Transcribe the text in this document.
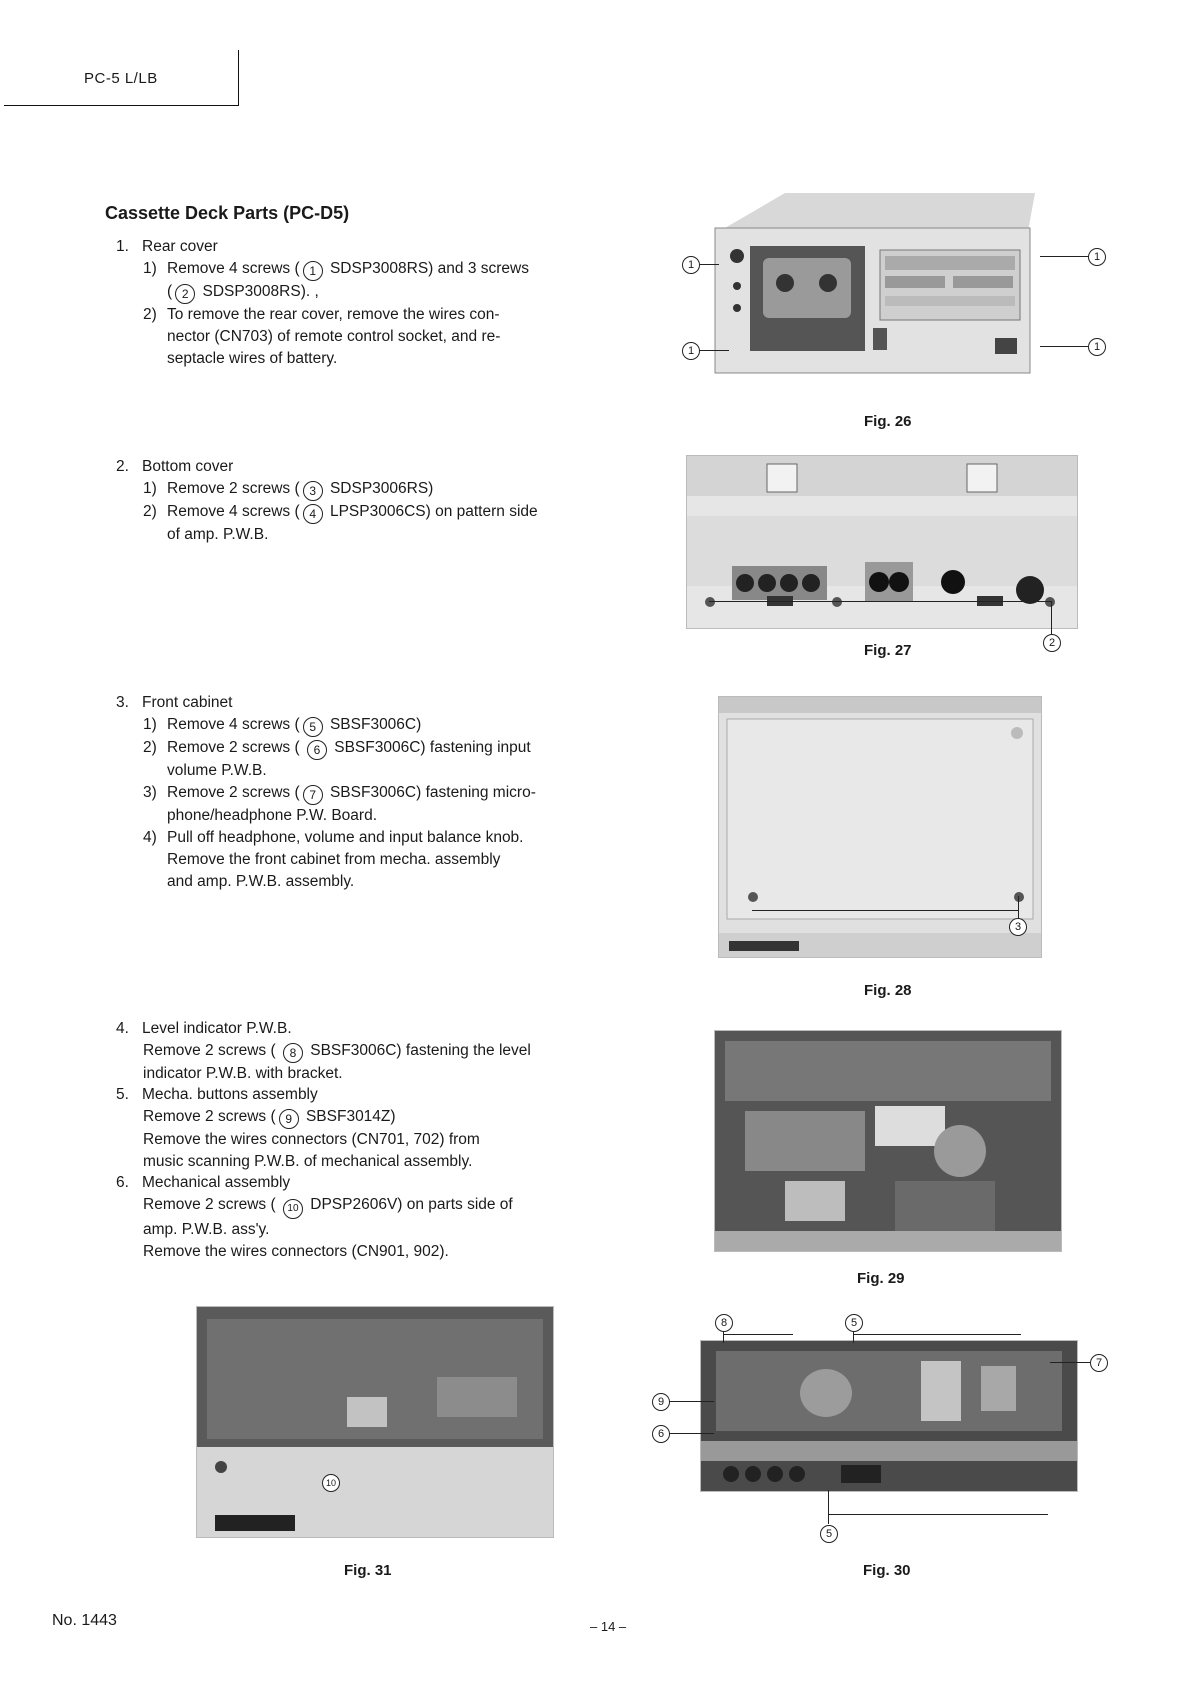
PC-5 L/LB
Cassette Deck Parts (PC-D5)
1. Rear cover
1) Remove 4 screws ( 1 SDSP3008RS) and 3 screws
( 2 SDSP3008RS). ,
2) To remove the rear cover, remove the wires con-
nector (CN703) of remote control socket, and re-
septacle wires of battery.
2. Bottom cover
1) Remove 2 screws ( 3 SDSP3006RS)
2) Remove 4 screws ( 4 LPSP3006CS) on pattern side
of amp. P.W.B.
3. Front cabinet
1) Remove 4 screws ( 5 SBSF3006C)
2) Remove 2 screws ( 6 SBSF3006C) fastening input
volume P.W.B.
3) Remove 2 screws ( 7 SBSF3006C) fastening micro-
phone/headphone P.W. Board.
4) Pull off headphone, volume and input balance knob.
Remove the front cabinet from mecha. assembly
and amp. P.W.B. assembly.
4. Level indicator P.W.B.
Remove 2 screws ( 8 SBSF3006C) fastening the level
indicator P.W.B. with bracket.
5. Mecha. buttons assembly
Remove 2 screws ( 9 SBSF3014Z)
Remove the wires connectors (CN701, 702) from
music scanning P.W.B. of mechanical assembly.
6. Mechanical assembly
Remove 2 screws ( 10 DPSP2606V) on parts side of
amp. P.W.B. ass'y.
Remove the wires connectors (CN901, 902).
1
1
1
1
Fig. 26
2
Fig. 27
3
Fig. 28
Fig. 29
8	5
7
9
6
5
Fig. 30
10
Fig. 31
No. 1443	– 14 –
